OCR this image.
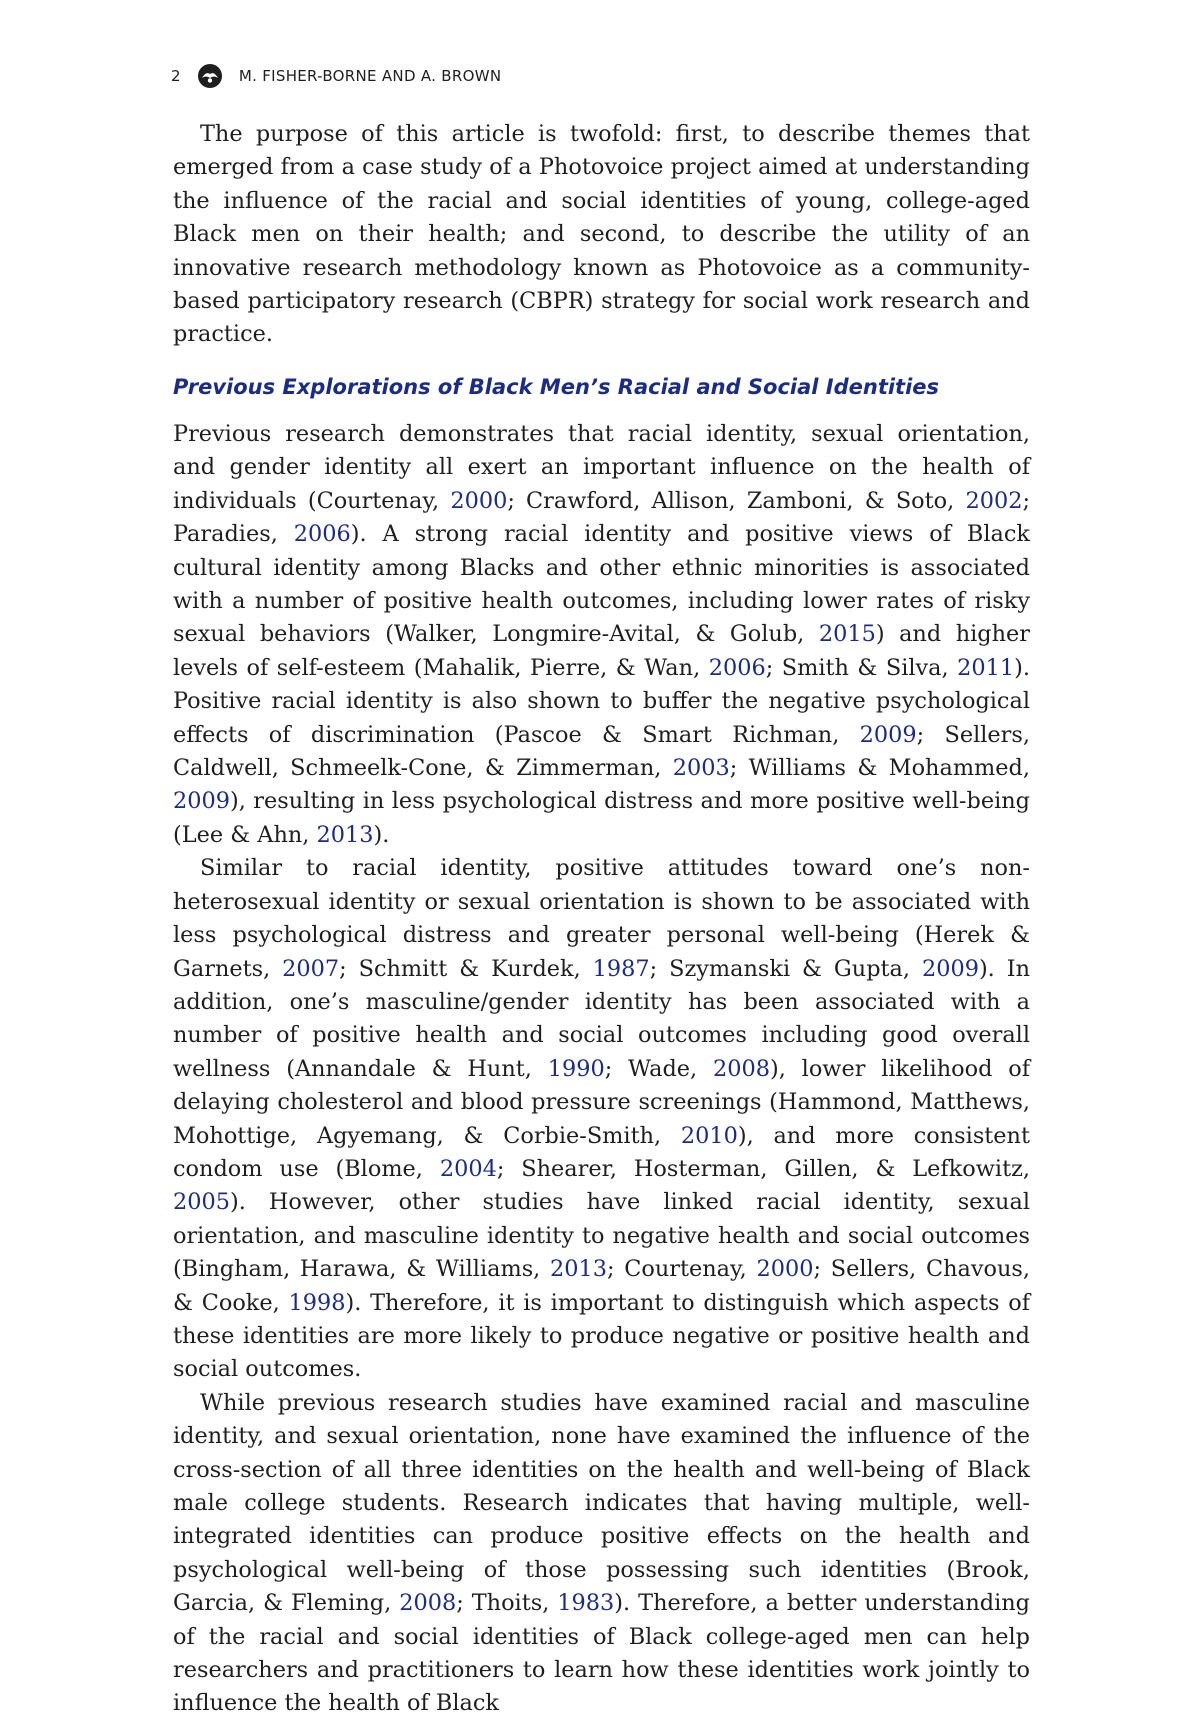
2	M. FISHER-BORNE AND A. BROWN

The purpose of this article is twofold: first, to describe themes that emerged from a case study of a Photovoice project aimed at understanding the influence of the racial and social identities of young, college-aged Black men on their health; and second, to describe the utility of an innovative research methodology known as Photovoice as a community-based participatory research (CBPR) strategy for social work research and practice.

Previous Explorations of Black Men’s Racial and Social Identities

Previous research demonstrates that racial identity, sexual orientation, and gender identity all exert an important influence on the health of individuals (Courtenay, 2000; Crawford, Allison, Zamboni, & Soto, 2002; Paradies, 2006). A strong racial identity and positive views of Black cultural identity among Blacks and other ethnic minorities is associated with a number of positive health outcomes, including lower rates of risky sexual behaviors (Walker, Longmire-Avital, & Golub, 2015) and higher levels of self-esteem (Mahalik, Pierre, & Wan, 2006; Smith & Silva, 2011). Positive racial identity is also shown to buffer the negative psychological effects of discrimination (Pascoe & Smart Richman, 2009; Sellers, Caldwell, Schmeelk-Cone, & Zimmerman, 2003; Williams & Mohammed, 2009), resulting in less psychological distress and more positive well-being (Lee & Ahn, 2013).

Similar to racial identity, positive attitudes toward one’s non-heterosexual identity or sexual orientation is shown to be associated with less psychological distress and greater personal well-being (Herek & Garnets, 2007; Schmitt & Kurdek, 1987; Szymanski & Gupta, 2009). In addition, one’s masculine/gender identity has been associated with a number of positive health and social outcomes including good overall wellness (Annandale & Hunt, 1990; Wade, 2008), lower likelihood of delaying cholesterol and blood pressure screenings (Hammond, Matthews, Mohottige, Agyemang, & Corbie-Smith, 2010), and more consistent condom use (Blome, 2004; Shearer, Hosterman, Gillen, & Lefkowitz, 2005). However, other studies have linked racial identity, sexual orientation, and masculine identity to negative health and social outcomes (Bingham, Harawa, & Williams, 2013; Courtenay, 2000; Sellers, Chavous, & Cooke, 1998). Therefore, it is important to distinguish which aspects of these identities are more likely to produce negative or positive health and social outcomes.

While previous research studies have examined racial and masculine identity, and sexual orientation, none have examined the influence of the cross-section of all three identities on the health and well-being of Black male college students. Research indicates that having multiple, well-integrated identities can produce positive effects on the health and psychological well-being of those possessing such identities (Brook, Garcia, & Fleming, 2008; Thoits, 1983). Therefore, a better understanding of the racial and social identities of Black college-aged men can help researchers and practitioners to learn how these identities work jointly to influence the health of Black
